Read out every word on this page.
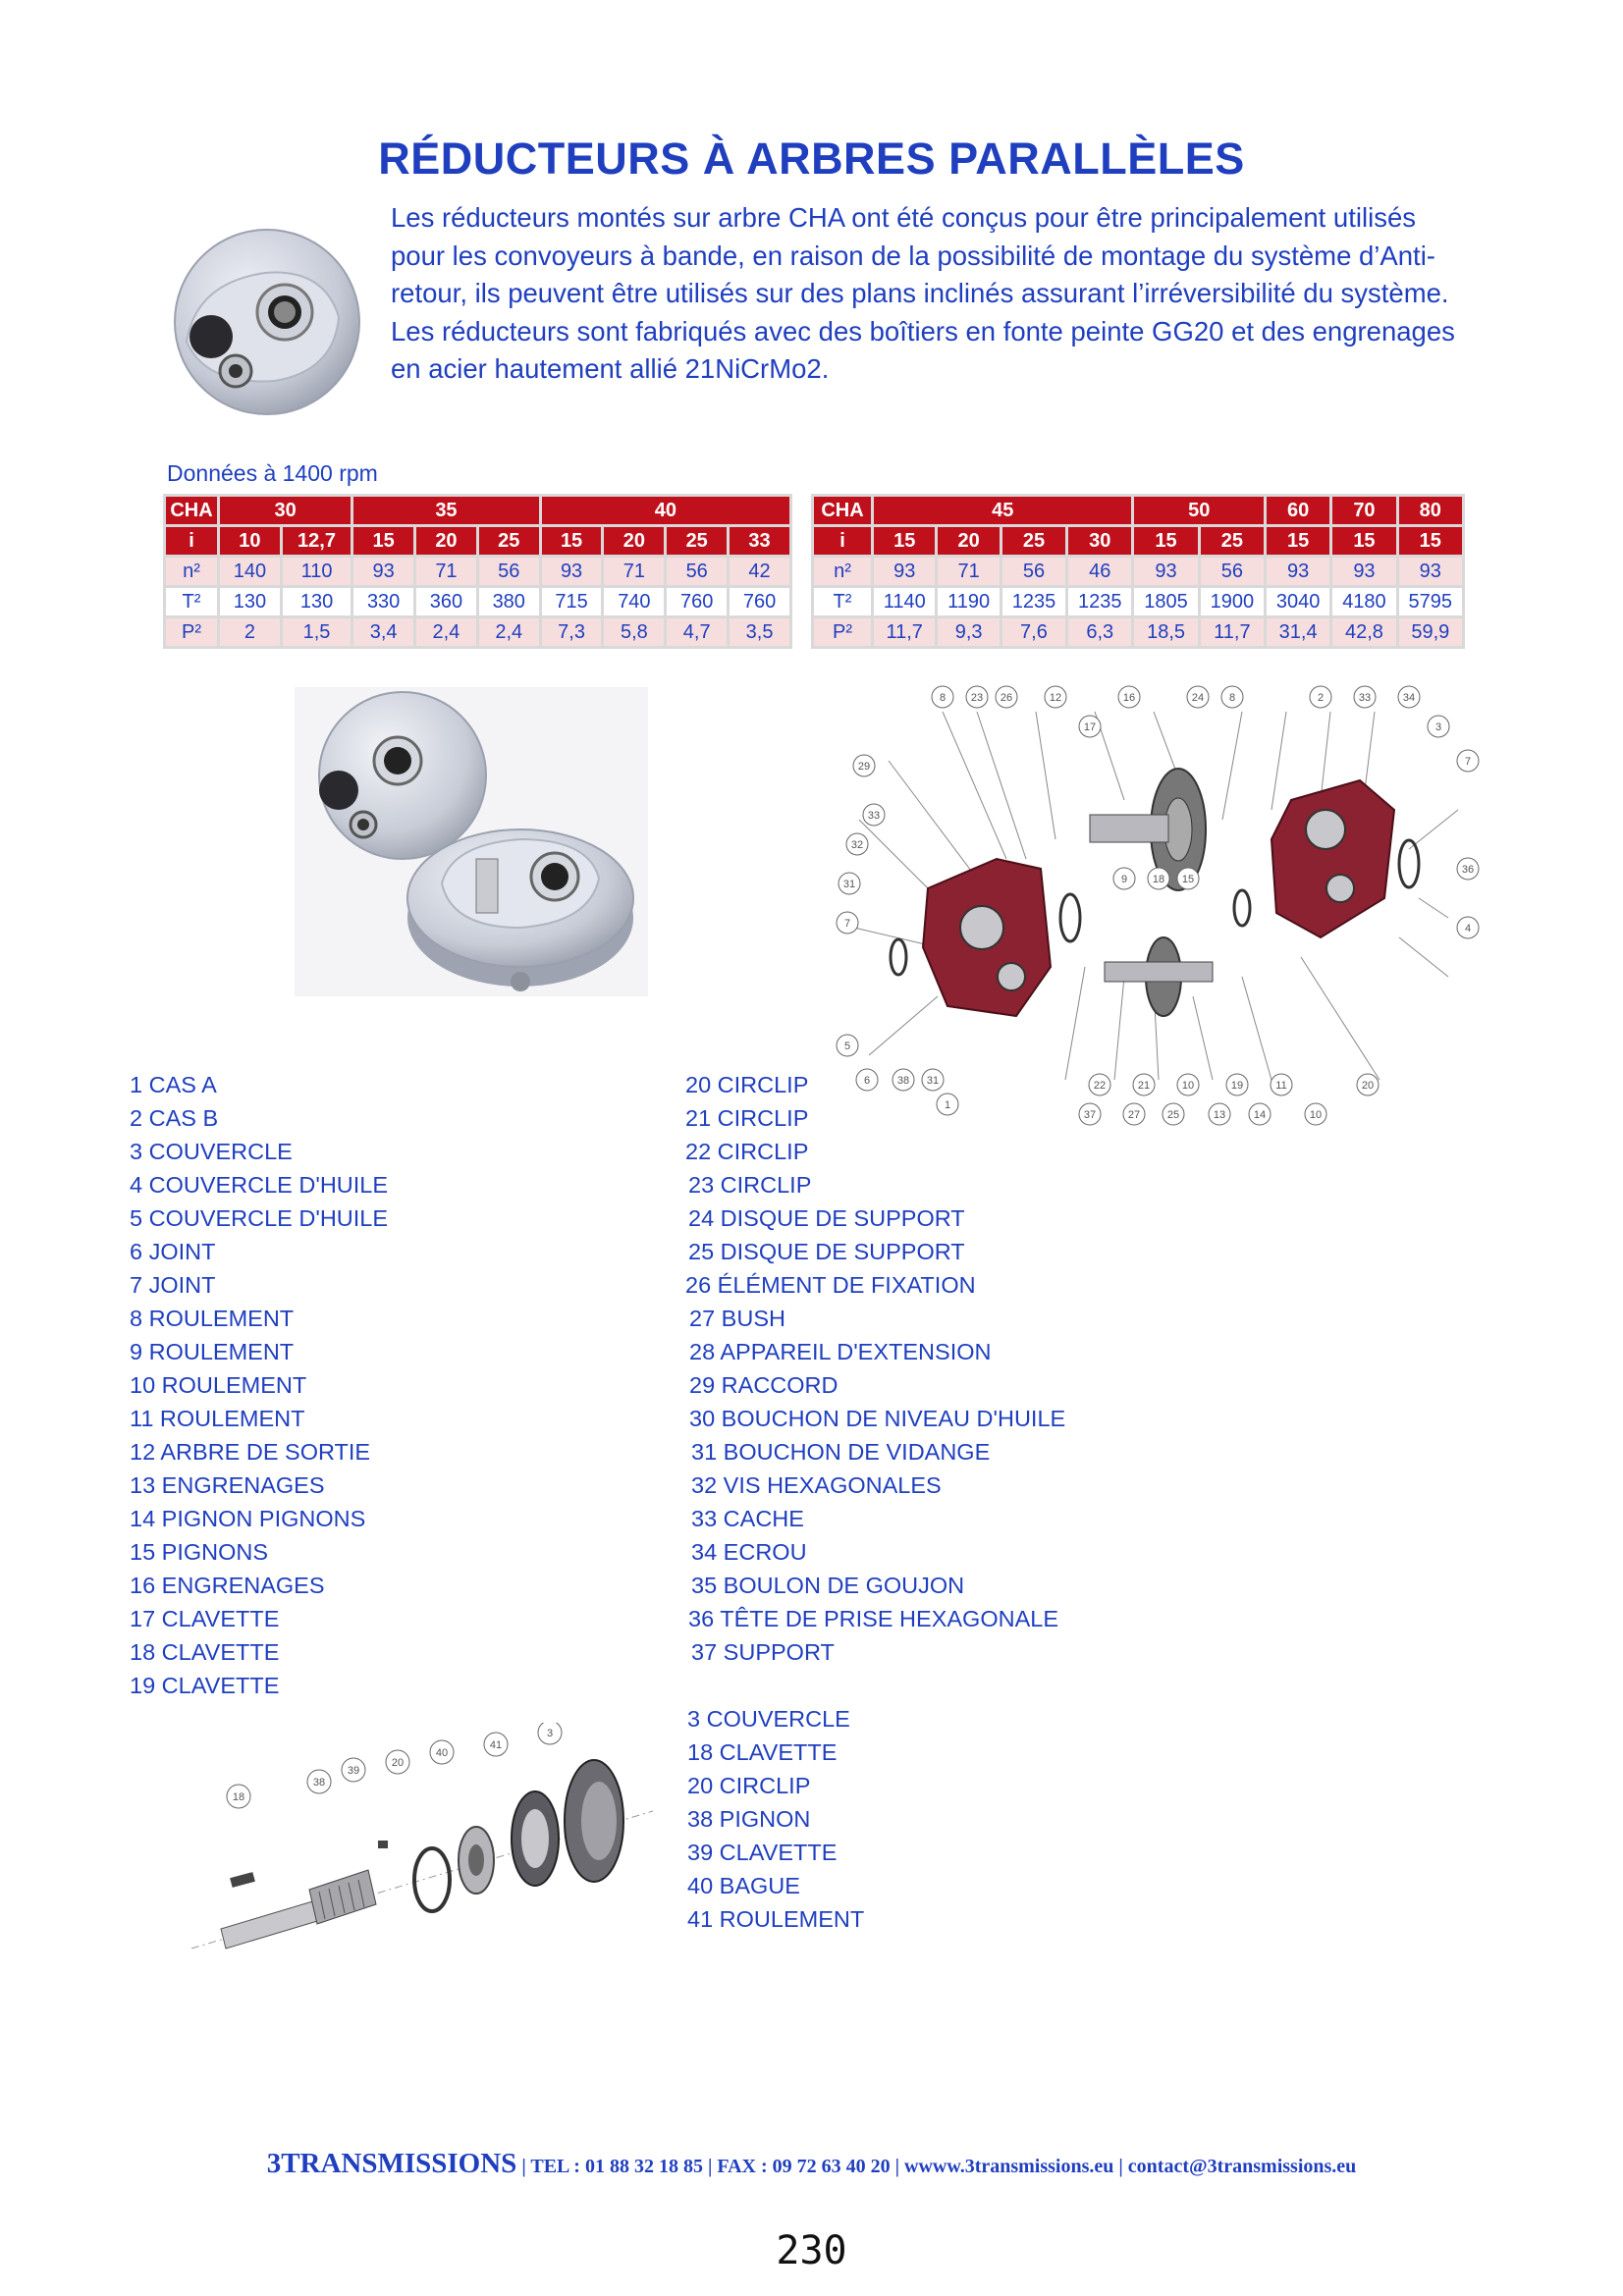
RÉDUCTEURS À ARBRES PARALLÈLES
Les réducteurs montés sur arbre CHA ont été conçus pour être principalement utilisés
pour les convoyeurs à bande, en raison de la possibilité de montage du système d’Anti-
retour, ils peuvent être utilisés sur des plans inclinés assurant l’irréversibilité du système.
Les réducteurs sont fabriqués avec des boîtiers en fonte peinte GG20 et des engrenages
en acier hautement allié 21NiCrMo2.
Données à 1400 rpm
CHA	30		35			40			
i	10	12,7	15	20	25	15	20	25	33
n²	140	110	93	71	56	93	71	56	42
T²	130	130	330	360	380	715	740	760	760
P²	2	1,5	3,4	2,4	2,4	7,3	5,8	4,7	3,5
CHA	45				50		60	70	80
i	15	20	25	30	15	25	15	15	15
n²	93	71	56	46	93	56	93	93	93
T²	1140	1190	1235	1235	1805	1900	3040	4180	5795
P²	11,7	9,3	7,6	6,3	18,5	11,7	31,4	42,8	59,9
8 23 26	12	16	24 8	2	33	34
3
17
29
33
32
31
7
9 18 15
7
36
4
5
6	38 31
1
22	21	10	19	11	20
37	27	25	13	14	10
1 CAS A
2 CAS B
3 COUVERCLE
4 COUVERCLE D'HUILE
5 COUVERCLE D'HUILE
6 JOINT
7 JOINT
8 ROULEMENT
9 ROULEMENT
10 ROULEMENT
11 ROULEMENT
12 ARBRE DE SORTIE
13 ENGRENAGES
14 PIGNON PIGNONS
15 PIGNONS
16 ENGRENAGES
17 CLAVETTE
18 CLAVETTE
19 CLAVETTE
20 CIRCLIP
21 CIRCLIP
22 CIRCLIP
23 CIRCLIP
24 DISQUE DE SUPPORT
25 DISQUE DE SUPPORT
26 ÉLÉMENT DE FIXATION
27 BUSH
28 APPAREIL D'EXTENSION
29 RACCORD
30 BOUCHON DE NIVEAU D'HUILE
31 BOUCHON DE VIDANGE
32 VIS HEXAGONALES
33 CACHE
34 ECROU
35 BOULON DE GOUJON
36 TÊTE DE PRISE HEXAGONALE
37 SUPPORT
3 COUVERCLE
18 CLAVETTE
20 CIRCLIP
38 PIGNON
39 CLAVETTE
40 BAGUE
41 ROULEMENT
18
38
39
20
40
41
3
3TRANSMISSIONS | TEL : 01 88 32 18 85 | FAX : 09 72 63 40 20 | wwww.3transmissions.eu | contact@3transmissions.eu
230
